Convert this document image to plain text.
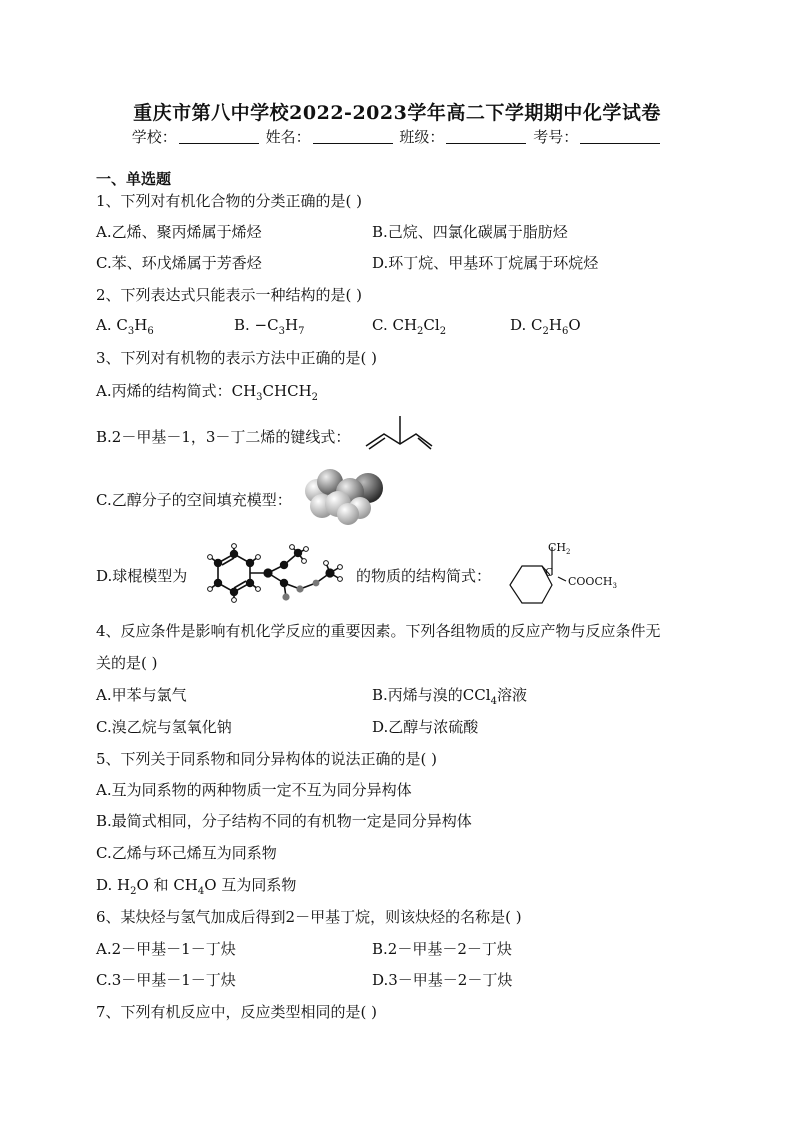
重庆市第八中学校2022-2023学年高二下学期期中化学试卷
学校：	姓名：	班级：	考号：
一、单选题
1、下列对有机化合物的分类正确的是( )
A.乙烯、聚丙烯属于烯烃	B.己烷、四氯化碳属于脂肪烃
C.苯、环戊烯属于芳香烃	D.环丁烷、甲基环丁烷属于环烷烃
2、下列表达式只能表示一种结构的是( )
A. $C_3H_6$	B. $-C_3H_7$	C. $CH_2Cl_2$	D. $C_2H_6O$
3、下列对有机物的表示方法中正确的是( )
A.丙烯的结构简式：$CH_3CHCH_2$
B.2－甲基－1，3－丁二烯的键线式：
C.乙醇分子的空间填充模型：
D.球棍模型为	的物质的结构简式：
$CH_2$
C
$COOCH_3$
4、反应条件是影响有机化学反应的重要因素。下列各组物质的反应产物与反应条件无
关的是( )
A.甲苯与氯气	B.丙烯与溴的CCl$_4$溶液
C.溴乙烷与氢氧化钠	D.乙醇与浓硫酸
5、下列关于同系物和同分异构体的说法正确的是( )
A.互为同系物的两种物质一定不互为同分异构体
B.最简式相同，分子结构不同的有机物一定是同分异构体
C.乙烯与环己烯互为同系物
D. $H_2O$ 和 $CH_4O$ 互为同系物
6、某炔烃与氢气加成后得到2－甲基丁烷，则该炔烃的名称是( )
A.2－甲基－1－丁炔	B.2－甲基－2－丁炔
C.3－甲基－1－丁炔	D.3－甲基－2－丁炔
7、下列有机反应中，反应类型相同的是( )
